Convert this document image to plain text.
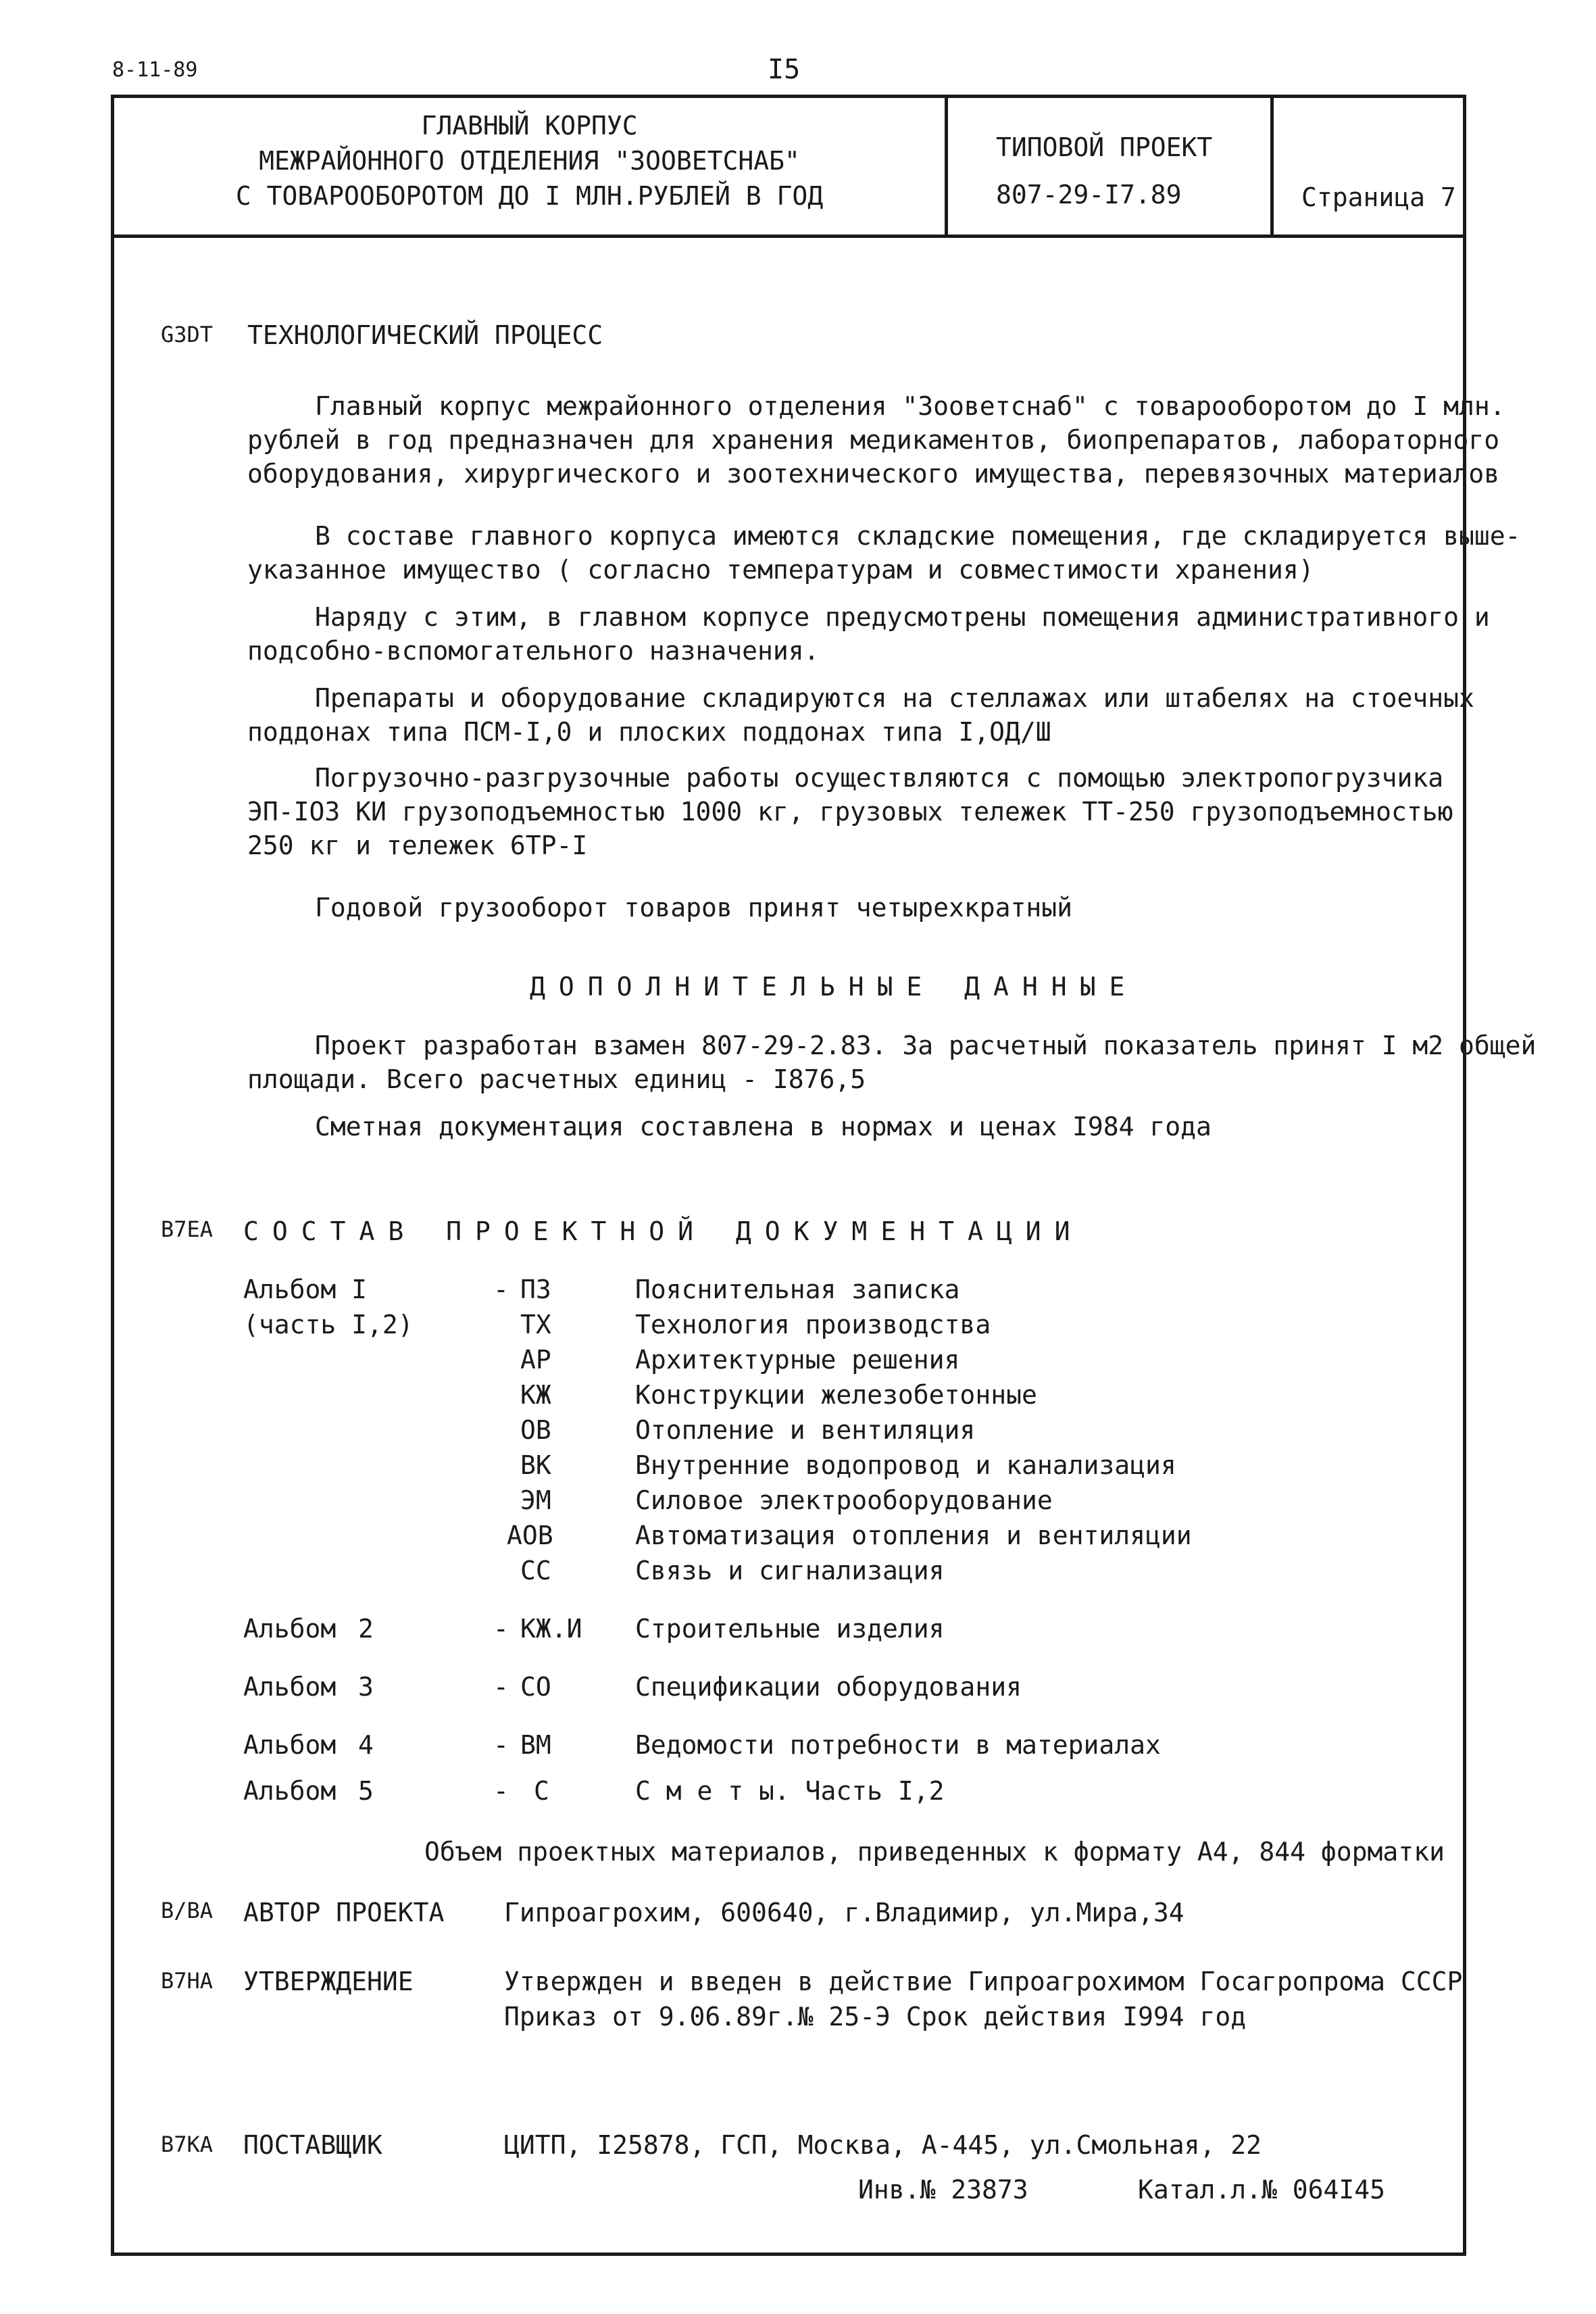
8-11-89	I5
ГЛАВНЫЙ КОРПУС
МЕЖРАЙОННОГО ОТДЕЛЕНИЯ "ЗООВЕТСНАБ"
С ТОВАРООБОРОТОМ ДО I МЛН.РУБЛЕЙ В ГОД
ТИПОВОЙ ПРОЕКТ
807-29-I7.89	Страница 7
G3DT ТЕХНОЛОГИЧЕСКИЙ ПРОЦЕСС
Главный корпус межрайонного отделения "Зооветснаб" с товарооборотом до I млн.
рублей в год предназначен для хранения медикаментов, биопрепаратов, лабораторного
оборудования, хирургического и зоотехнического имущества, перевязочных материалов
В составе главного корпуса имеются складские помещения, где складируется выше-
указанное имущество ( согласно температурам и совместимости хранения)
Наряду с этим, в главном корпусе предусмотрены помещения административного и
подсобно-вспомогательного назначения.
Препараты и оборудование складируются на стеллажах или штабелях на стоечных
поддонах типа ПСМ-I,0 и плоских поддонах типа I,ОД/Ш
Погрузочно-разгрузочные работы осуществляются с помощью электропогрузчика
ЭП-IO3 КИ грузоподъемностью 1000 кг, грузовых тележек ТТ-250 грузоподъемностью
250 кг и тележек 6ТР-I
Годовой грузооборот товаров принят четырехкратный
ДОПОЛНИТЕЛЬНЫЕ ДАННЫЕ
Проект разработан взамен 807-29-2.83. За расчетный показатель принят I м2 общей
площади. Всего расчетных единиц - I876,5
Сметная документация составлена в нормах и ценах I984 года
B7EA СОСТАВ ПРОЕКТНОЙ ДОКУМЕНТАЦИИ
Альбом I
(часть I,2)
- ПЗ	Пояснительная записка
ТХ	Технология производства
АР	Архитектурные решения
КЖ	Конструкции железобетонные
ОВ	Отопление и вентиляция
ВК	Внутренние водопровод и канализация
ЭМ	Силовое электрооборудование
АОВ	Автоматизация отопления и вентиляции
СС	Связь и сигнализация
Альбом 2	- КЖ.И Строительные изделия
Альбом 3	- СО	Спецификации оборудования
Альбом 4	- ВМ	Ведомости потребности в материалах
Альбом 5	- С	С м е т ы. Часть I,2
Объем проектных материалов, приведенных к формату А4, 844 форматки
B/BA АВТОР ПРОЕКТА Гипроагрохим, 600640, г.Владимир, ул.Мира,34
B7HA УТВЕРЖДЕНИЕ	Утвержден и введен в действие Гипроагрохимом Госагропрома СССР
Приказ от 9.06.89г.№ 25-Э Срок действия I994 год
B7KA ПОСТАВЩИК	ЦИТП, I25878, ГСП, Москва, А-445, ул.Смольная, 22
Инв.№ 23873	Катал.л.№ 064I45
